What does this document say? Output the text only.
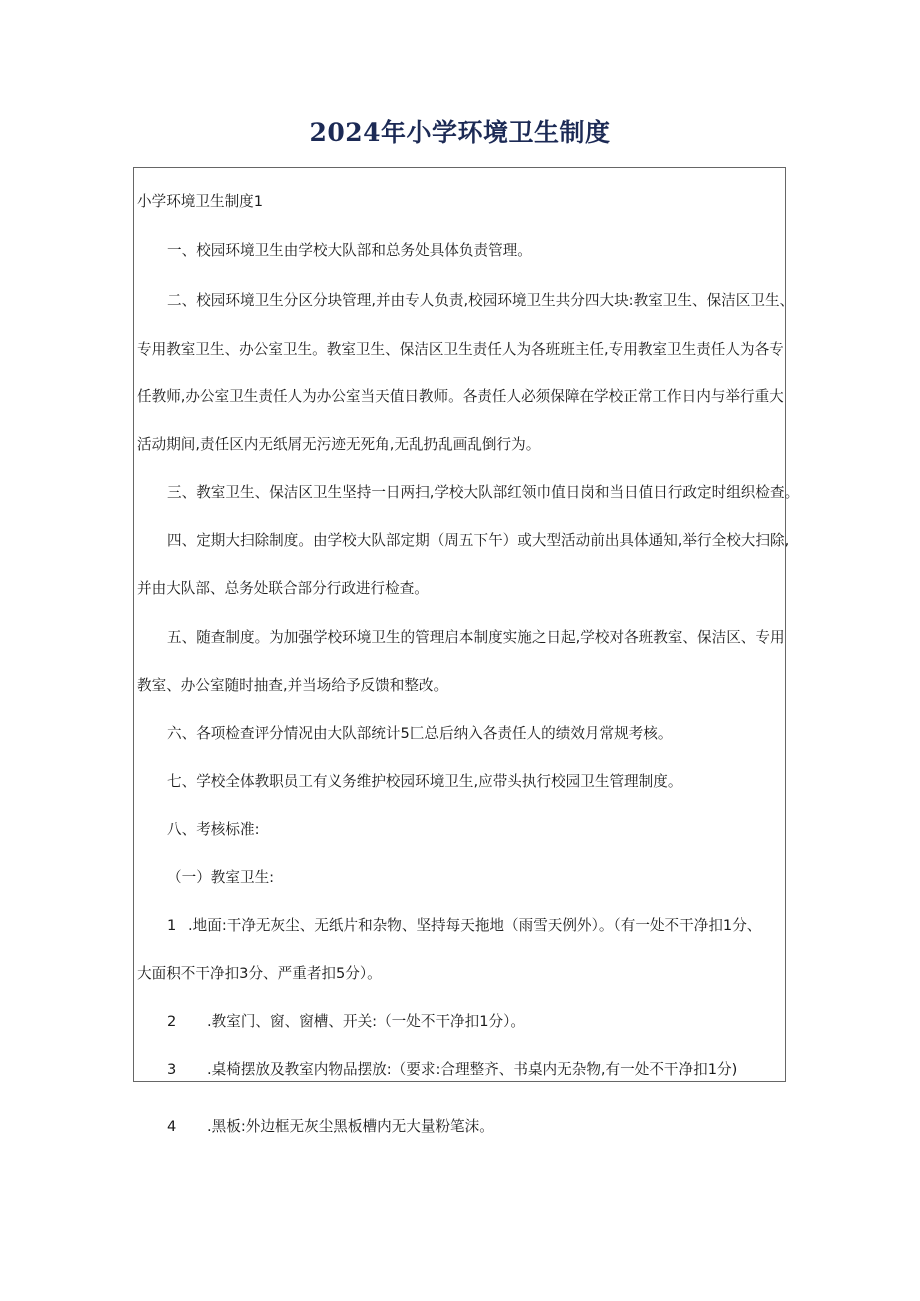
2024年小学环境卫生制度
小学环境卫生制度1
一、校园环境卫生由学校大队部和总务处具体负责管理。
二、校园环境卫生分区分块管理,并由专人负责,校园环境卫生共分四大块:教室卫生、保洁区卫生、
专用教室卫生、办公室卫生。教室卫生、保洁区卫生责任人为各班班主任,专用教室卫生责任人为各专
任教师,办公室卫生责任人为办公室当天值日教师。各责任人必须保障在学校正常工作日内与举行重大
活动期间,责任区内无纸屑无污迹无死角,无乱扔乱画乱倒行为。
三、教室卫生、保洁区卫生坚持一日两扫,学校大队部红领巾值日岗和当日值日行政定时组织检查。
四、定期大扫除制度。由学校大队部定期（周五下午）或大型活动前出具体通知,举行全校大扫除,
并由大队部、总务处联合部分行政进行检查。
五、随查制度。为加强学校环境卫生的管理启本制度实施之日起,学校对各班教室、保洁区、专用
教室、办公室随时抽查,并当场给予反馈和整改。
六、各项检查评分情况由大队部统计5匚总后纳入各责任人的绩效月常规考核。
七、学校全体教职员工有义务维护校园环境卫生,应带头执行校园卫生管理制度。
八、考核标准:
（一）教室卫生:
1 .地面:干净无灰尘、无纸片和杂物、坚持每天拖地（雨雪天例外）。（有一处不干净扣1分、
大面积不干净扣3分、严重者扣5分）。
2 .教室门、窗、窗槽、开关:（一处不干净扣1分）。
3 .桌椅摆放及教室内物品摆放:（要求:合理整齐、书桌内无杂物,有一处不干净扣1分)
4 .黑板:外边框无灰尘黑板槽内无大量粉笔沫。
